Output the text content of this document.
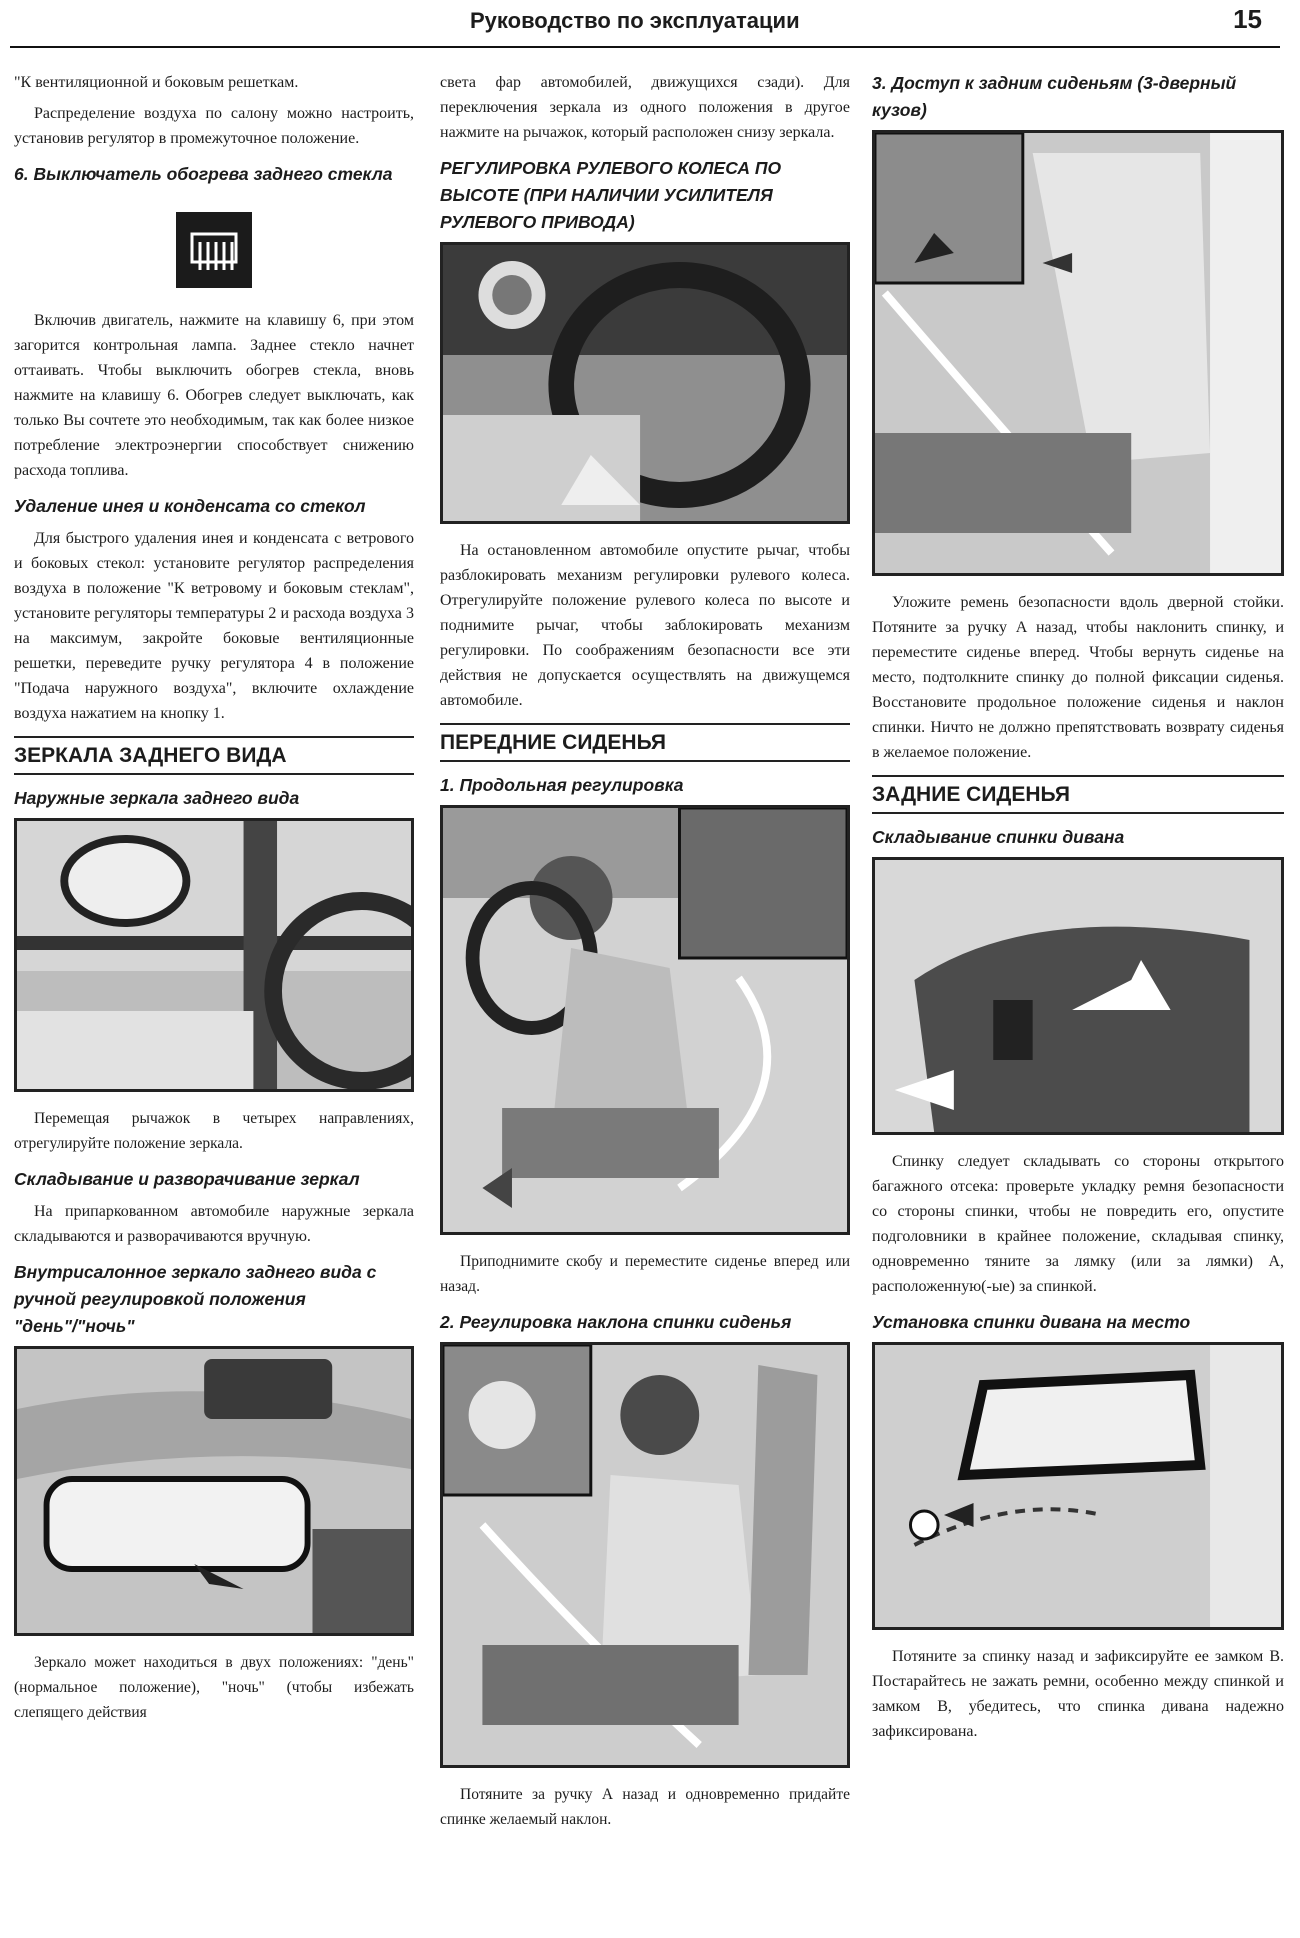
Руководство по эксплуатации	15

"К вентиляционной и боковым решеткам.

Распределение воздуха по салону можно настроить, установив регулятор в промежуточное положение.

6. Выключатель обогрева заднего стекла

Включив двигатель, нажмите на клавишу 6, при этом загорится контрольная лампа. Заднее стекло начнет оттаивать. Чтобы выключить обогрев стекла, вновь нажмите на клавишу 6. Обогрев следует выключать, как только Вы сочтете это необходимым, так как более низкое потребление электроэнергии способствует снижению расхода топлива.

Удаление инея и конденсата со стекол

Для быстрого удаления инея и конденсата с ветрового и боковых стекол: установите регулятор распределения воздуха в положение "К ветровому и боковым стеклам", установите регуляторы температуры 2 и расхода воздуха 3 на максимум, закройте боковые вентиляционные решетки, переведите ручку регулятора 4 в положение "Подача наружного воздуха", включите охлаждение воздуха нажатием на кнопку 1.

ЗЕРКАЛА ЗАДНЕГО ВИДА
Наружные зеркала заднего вида

Перемещая рычажок в четырех направлениях, отрегулируйте положение зеркала.

Складывание и разворачивание зеркал

На припаркованном автомобиле наружные зеркала складываются и разворачиваются вручную.

Внутрисалонное зеркало заднего вида с ручной регулировкой положения "день"/"ночь"

Зеркало может находиться в двух положениях: "день" (нормальное положение), "ночь" (чтобы избежать слепящего действия

света фар автомобилей, движущихся сзади). Для переключения зеркала из одного положения в другое нажмите на рычажок, который расположен снизу зеркала.

РЕГУЛИРОВКА РУЛЕВОГО КОЛЕСА ПО ВЫСОТЕ (ПРИ НАЛИЧИИ УСИЛИТЕЛЯ РУЛЕВОГО ПРИВОДА)

На остановленном автомобиле опустите рычаг, чтобы разблокировать механизм регулировки рулевого колеса. Отрегулируйте положение рулевого колеса по высоте и поднимите рычаг, чтобы заблокировать механизм регулировки. По соображениям безопасности все эти действия не допускается осуществлять на движущемся автомобиле.

ПЕРЕДНИЕ СИДЕНЬЯ
1. Продольная регулировка

Приподнимите скобу и переместите сиденье вперед или назад.

2. Регулировка наклона спинки сиденья

Потяните за ручку А назад и одновременно придайте спинке желаемый наклон.

3. Доступ к задним сиденьям (3-дверный кузов)

Уложите ремень безопасности вдоль дверной стойки. Потяните за ручку А назад, чтобы наклонить спинку, и переместите сиденье вперед. Чтобы вернуть сиденье на место, подтолкните спинку до полной фиксации сиденья. Восстановите продольное положение сиденья и наклон спинки. Ничто не должно препятствовать возврату сиденья в желаемое положение.

ЗАДНИЕ СИДЕНЬЯ
Складывание спинки дивана

Спинку следует складывать со стороны открытого багажного отсека: проверьте укладку ремня безопасности со стороны спинки, чтобы не повредить его, опустите подголовники в крайнее положение, складывая спинку, одновременно тяните за лямку (или за лямки) А, расположенную(-ые) за спинкой.

Установка спинки дивана на место

Потяните за спинку назад и зафиксируйте ее замком В. Постарайтесь не зажать ремни, особенно между спинкой и замком В, убедитесь, что спинка дивана надежно зафиксирована.
